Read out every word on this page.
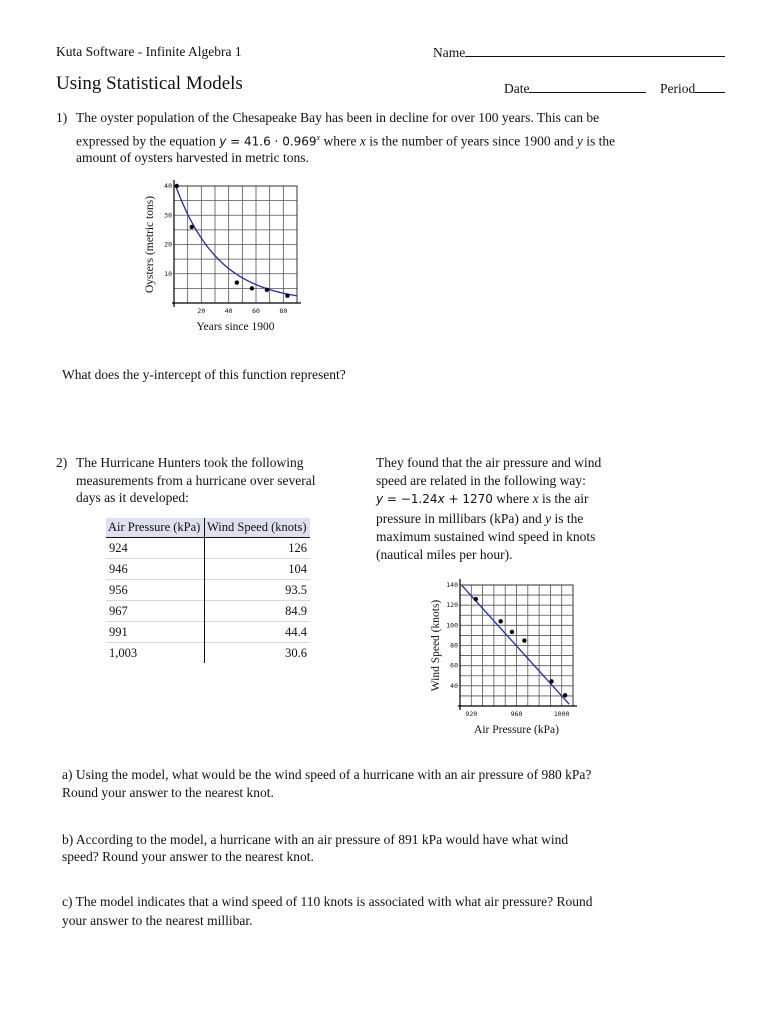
Kuta Software - Infinite Algebra 1	Name
Using Statistical Models	Date	Period
1) The oyster population of the Chesapeake Bay has been in decline for over 100 years. This can be
expressed by the equation $y = 41.6 \cdot 0.969^x$ where x is the number of years since 1900 and y is the
amount of oysters harvested in metric tons.
20	40	60	80
10
20
30
40
Years since 1900
Oysters (metric tons)
What does the y-intercept of this function represent?
2) The Hurricane Hunters took the following
measurements from a hurricane over several
days as it developed:
Air Pressure (kPa)	Wind Speed (knots)
924	126
946	104
956	93.5
967	84.9
991	44.4
1,003	30.6
They found that the air pressure and wind
speed are related in the following way:
y = −1.24x + 1270 where x is the air
pressure in millibars (kPa) and y is the
maximum sustained wind speed in knots
(nautical miles per hour).
920	960	1000
40
60
80
100
120
140
Air Pressure (kPa)
Wind Speed (knots)
a) Using the model, what would be the wind speed of a hurricane with an air pressure of 980 kPa?
Round your answer to the nearest knot.
b) According to the model, a hurricane with an air pressure of 891 kPa would have what wind
speed? Round your answer to the nearest knot.
c) The model indicates that a wind speed of 110 knots is associated with what air pressure? Round
your answer to the nearest millibar.
